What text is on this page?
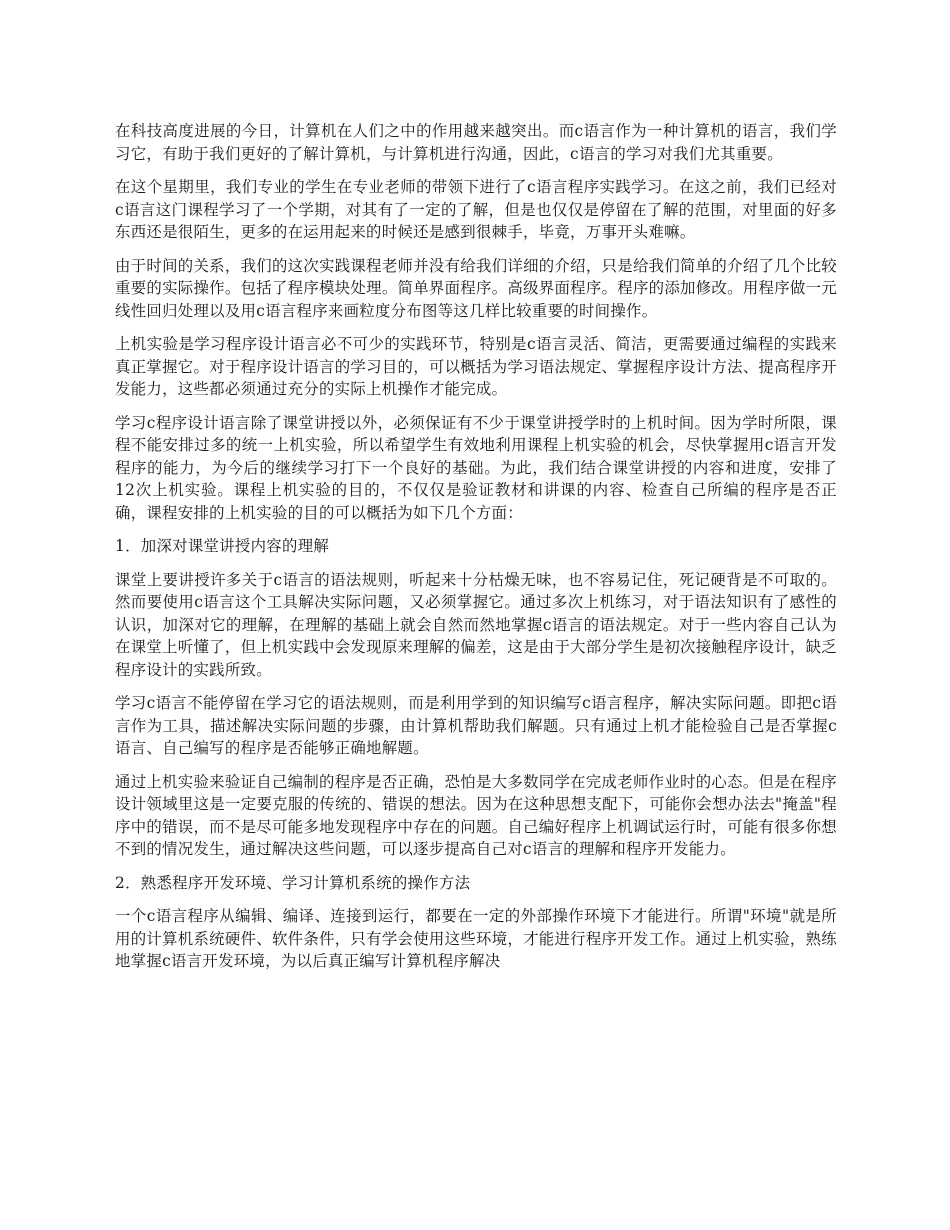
在科技高度进展的今日，计算机在人们之中的作用越来越突出。而c语言作为一种计算机的语言，我们学习它，有助于我们更好的了解计算机，与计算机进行沟通，因此，c语言的学习对我们尤其重要。

在这个星期里，我们专业的学生在专业老师的带领下进行了c语言程序实践学习。在这之前，我们已经对c语言这门课程学习了一个学期，对其有了一定的了解，但是也仅仅是停留在了解的范围，对里面的好多东西还是很陌生，更多的在运用起来的时候还是感到很棘手，毕竟，万事开头难嘛。

由于时间的关系，我们的这次实践课程老师并没有给我们详细的介绍，只是给我们简单的介绍了几个比较重要的实际操作。包括了程序模块处理。简单界面程序。高级界面程序。程序的添加修改。用程序做一元线性回归处理以及用c语言程序来画粒度分布图等这几样比较重要的时间操作。

上机实验是学习程序设计语言必不可少的实践环节，特别是c语言灵活、简洁，更需要通过编程的实践来真正掌握它。对于程序设计语言的学习目的，可以概括为学习语法规定、掌握程序设计方法、提高程序开发能力，这些都必须通过充分的实际上机操作才能完成。

学习c程序设计语言除了课堂讲授以外，必须保证有不少于课堂讲授学时的上机时间。因为学时所限，课程不能安排过多的统一上机实验，所以希望学生有效地利用课程上机实验的机会，尽快掌握用c语言开发程序的能力，为今后的继续学习打下一个良好的基础。为此，我们结合课堂讲授的内容和进度，安排了12次上机实验。课程上机实验的目的，不仅仅是验证教材和讲课的内容、检查自己所编的程序是否正确，课程安排的上机实验的目的可以概括为如下几个方面：

1．加深对课堂讲授内容的理解

课堂上要讲授许多关于c语言的语法规则，听起来十分枯燥无味，也不容易记住，死记硬背是不可取的。然而要使用c语言这个工具解决实际问题，又必须掌握它。通过多次上机练习，对于语法知识有了感性的认识，加深对它的理解，在理解的基础上就会自然而然地掌握c语言的语法规定。对于一些内容自己认为在课堂上听懂了，但上机实践中会发现原来理解的偏差，这是由于大部分学生是初次接触程序设计，缺乏程序设计的实践所致。

学习c语言不能停留在学习它的语法规则，而是利用学到的知识编写c语言程序，解决实际问题。即把c语言作为工具，描述解决实际问题的步骤，由计算机帮助我们解题。只有通过上机才能检验自己是否掌握c语言、自己编写的程序是否能够正确地解题。

通过上机实验来验证自己编制的程序是否正确，恐怕是大多数同学在完成老师作业时的心态。但是在程序设计领域里这是一定要克服的传统的、错误的想法。因为在这种思想支配下，可能你会想办法去"掩盖"程序中的错误，而不是尽可能多地发现程序中存在的问题。自己编好程序上机调试运行时，可能有很多你想不到的情况发生，通过解决这些问题，可以逐步提高自己对c语言的理解和程序开发能力。

2．熟悉程序开发环境、学习计算机系统的操作方法

一个c语言程序从编辑、编译、连接到运行，都要在一定的外部操作环境下才能进行。所谓"环境"就是所用的计算机系统硬件、软件条件，只有学会使用这些环境，才能进行程序开发工作。通过上机实验，熟练地掌握c语言开发环境，为以后真正编写计算机程序解决
